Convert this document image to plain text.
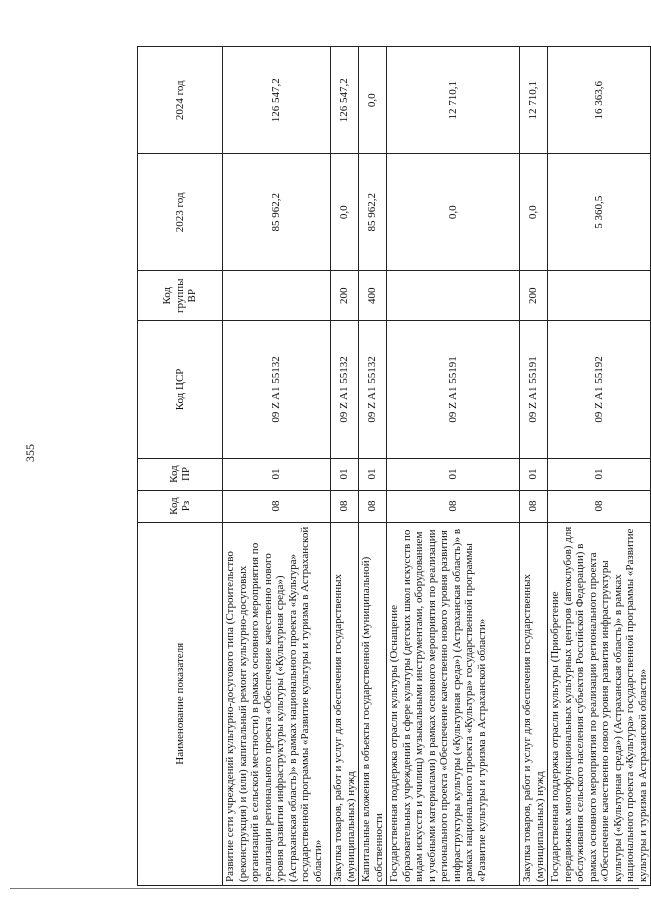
355
Наименование показателя	Код Рз	Код ПР	Код ЦСР	Код группы ВР	2023 год	2024 год
Развитие сети учреждений культурно-досугового типа (Строительство (реконструкция) и (или) капитальный ремонт культурно-досуговых организаций в сельской местности) в рамках основного мероприятия по реализации регионального проекта «Обеспечение качественно нового уровня развития инфраструктуры культуры («Культурная среда») (Астраханская область)» в рамках национального проекта «Культура» государственной программы «Развитие культуры и туризма в Астраханской области»	08	01	09 Z A1 55132		85 962,2	126 547,2
Закупка товаров, работ и услуг для обеспечения государственных (муниципальных) нужд	08	01	09 Z A1 55132	200	0,0	126 547,2
Капитальные вложения в объекты государственной (муниципальной) собственности	08	01	09 Z A1 55132	400	85 962,2	0,0
Государственная поддержка отрасли культуры (Оснащение образовательных учреждений в сфере культуры (детских школ искусств по видам искусств и училищ) музыкальными инструментами, оборудованием и учебными материалами) в рамках основного мероприятия по реализации регионального проекта «Обеспечение качественно нового уровня развития инфраструктуры культуры («Культурная среда») (Астраханская область)» в рамках национального проекта «Культура» государственной программы «Развитие культуры и туризма в Астраханской области»	08	01	09 Z A1 55191		0,0	12 710,1
Закупка товаров, работ и услуг для обеспечения государственных (муниципальных) нужд	08	01	09 Z A1 55191	200	0,0	12 710,1
Государственная поддержка отрасли культуры (Приобретение передвижных многофункциональных культурных центров (автоклубов) для обслуживания сельского населения субъектов Российской Федерации) в рамках основного мероприятия по реализации регионального проекта «Обеспечение качественно нового уровня развития инфраструктуры культуры («Культурная среда») (Астраханская область)» в рамках национального проекта «Культура» государственной программы «Развитие культуры и туризма в Астраханской области»	08	01	09 Z A1 55192		5 360,5	16 363,6
